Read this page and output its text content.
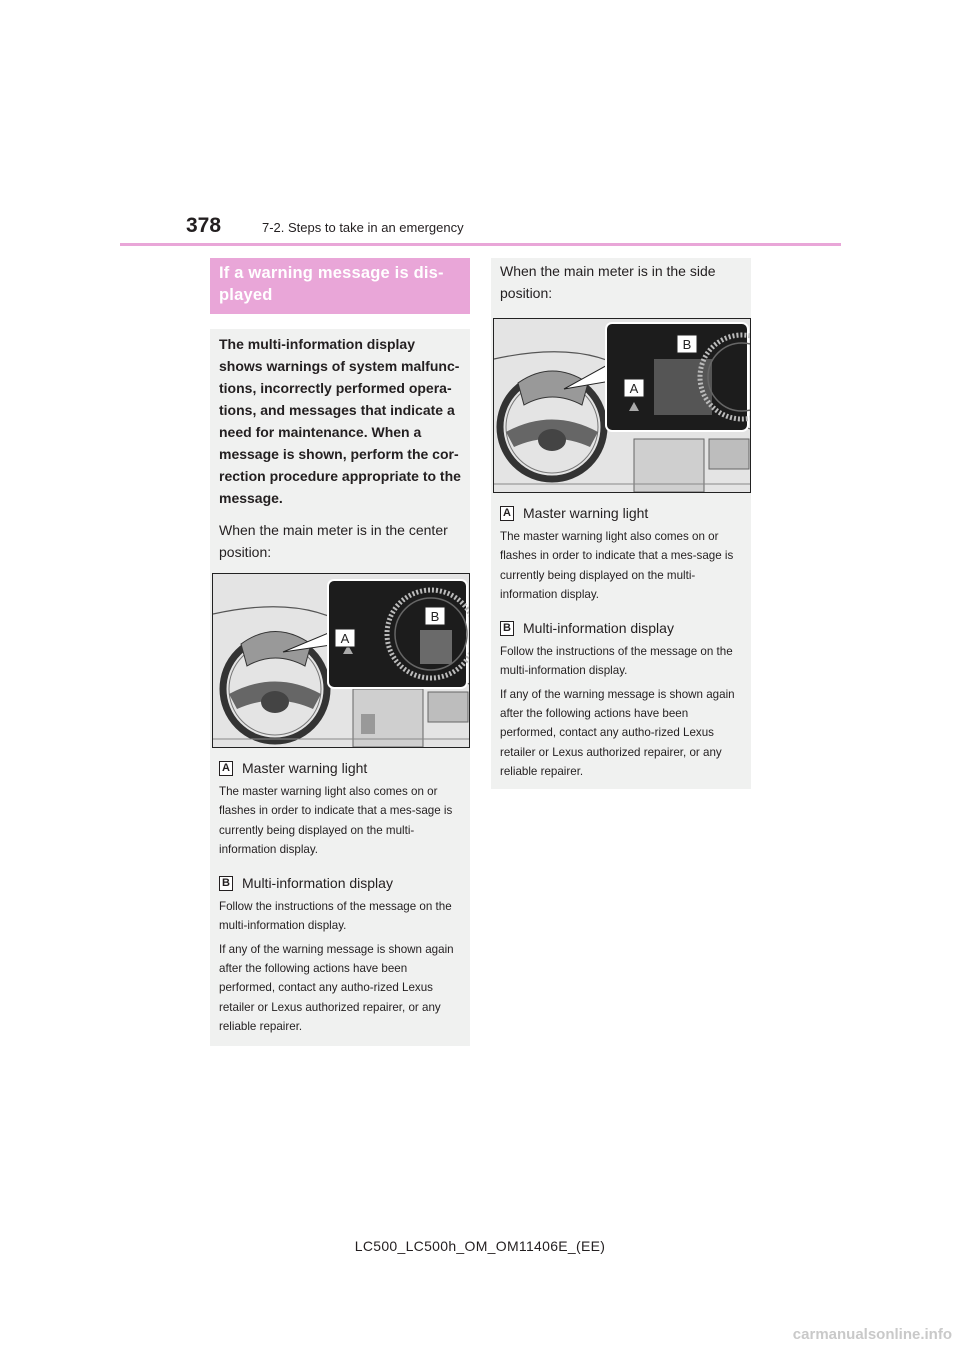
378	7-2. Steps to take in an emergency
If a warning message is dis-
played

The multi-information display shows warnings of system malfunc-tions, incorrectly performed opera-tions, and messages that indicate a need for maintenance. When a message is shown, perform the cor-rection procedure appropriate to the message.

When the main meter is in the center position:

A
B
A Master warning light

The master warning light also comes on or flashes in order to indicate that a mes-sage is currently being displayed on the multi-information display.

B Multi-information display

Follow the instructions of the message on the multi-information display.

If any of the warning message is shown again after the following actions have been performed, contact any autho-rized Lexus retailer or Lexus authorized repairer, or any reliable repairer.

When the main meter is in the side position:

A
B
A Master warning light

The master warning light also comes on or flashes in order to indicate that a mes-sage is currently being displayed on the multi-information display.

B Multi-information display

Follow the instructions of the message on the multi-information display.

If any of the warning message is shown again after the following actions have been performed, contact any autho-rized Lexus retailer or Lexus authorized repairer, or any reliable repairer.

LC500_LC500h_OM_OM11406E_(EE)
carmanualsonline.info
